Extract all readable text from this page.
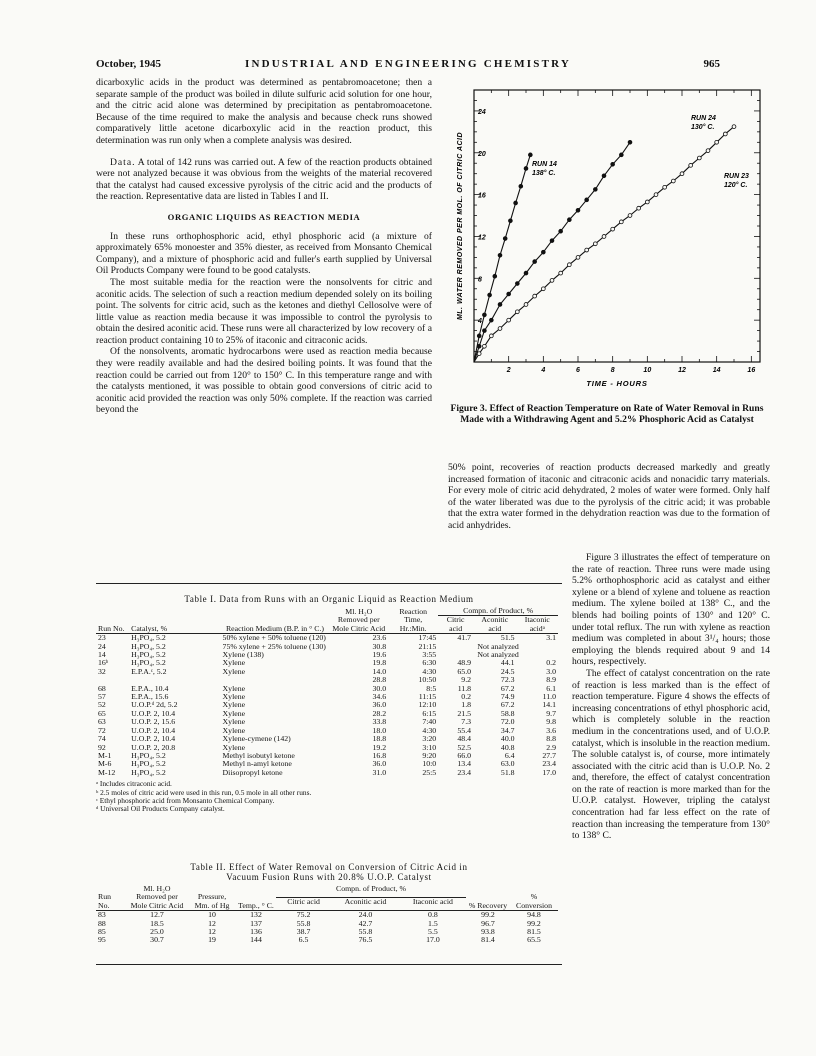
October, 1945	INDUSTRIAL AND ENGINEERING CHEMISTRY	965

dicarboxylic acids in the product was determined as pentabromoacetone; then a separate sample of the product was boiled in dilute sulfuric acid solution for one hour, and the citric acid alone was determined by precipitation as pentabromoacetone. Because of the time required to make the analysis and because check runs showed comparatively little acetone dicarboxylic acid in the reaction product, this determination was run only when a complete analysis was desired.

Data. A total of 142 runs was carried out. A few of the reaction products obtained were not analyzed because it was obvious from the weights of the material recovered that the catalyst had caused excessive pyrolysis of the citric acid and the products of the reaction. Representative data are listed in Tables I and II.

ORGANIC LIQUIDS AS REACTION MEDIA

In these runs orthophosphoric acid, ethyl phosphoric acid (a mixture of approximately 65% monoester and 35% diester, as received from Monsanto Chemical Company), and a mixture of phosphoric acid and fuller's earth supplied by Universal Oil Products Company were found to be good catalysts.

The most suitable media for the reaction were the nonsolvents for citric and aconitic acids. The selection of such a reaction medium depended solely on its boiling point. The solvents for citric acid, such as the ketones and diethyl Cellosolve were of little value as reaction media because it was impossible to control the pyrolysis to obtain the desired aconitic acid. These runs were all characterized by low recovery of a reaction product containing 10 to 25% of itaconic and citraconic acids.

Of the nonsolvents, aromatic hydrocarbons were used as reaction media because they were readily available and had the desired boiling points. It was found that the reaction could be carried out from 120° to 150° C. In this temperature range and with the catalysts mentioned, it was possible to obtain good conversions of citric acid to aconitic acid provided the reaction was only 50% complete. If the reaction was carried beyond the

2	4	6	8	10	12	14	16
4
8
12
16
20
24
ML. WATER REMOVED PER MOL. OF CITRIC ACID
TIME - HOURS
RUN 14
138° C.
RUN 24
130° C.
RUN 23
120° C.
Figure 3. Effect of Reaction Temperature on Rate of Water Removal in Runs Made with a Withdrawing Agent and 5.2% Phosphoric Acid as Catalyst

50% point, recoveries of reaction products decreased markedly and greatly increased formation of itaconic and citraconic acids and nonacidic tarry materials. For every mole of citric acid dehydrated, 2 moles of water were formed. Only half of the water liberated was due to the pyrolysis of the citric acid; it was probable that the extra water formed in the dehydration reaction was due to the formation of acid anhydrides.

Table I. Data from Runs with an Organic Liquid as Reaction Medium
Run No.	Catalyst, %	Reaction Medium (B.P. in ° C.)	Ml. H₂O Removed per Mole Citric Acid	Reaction Time, Hr.:Min.	Compn. of Product, %		
					Citric acid	Aconitic acid	Itaconic acidᵃ
23	H₃PO₄, 5.2	50% xylene + 50% toluene (120)	23.6	17:45	41.7	51.5	3.1
24	H₃PO₄, 5.2	75% xylene + 25% toluene (130)	30.8	21:15	Not analyzed		
14	H₃PO₄, 5.2	Xylene (138)	19.6	3:55	Not analyzed		
16ᵇ	H₃PO₄, 5.2	Xylene	19.8	6:30	48.9	44.1	0.2
32	E.P.A.ᶜ, 5.2	Xylene	14.0	4:30	65.0	24.5	3.0
			28.8	10:50	9.2	72.3	8.9
68	E.P.A., 10.4	Xylene	30.0	8:5	11.8	67.2	6.1
57	E.P.A., 15.6	Xylene	34.6	11:15	0.2	74.9	11.0
52	U.O.P.ᵈ 2d, 5.2	Xylene	36.0	12:10	1.8	67.2	14.1
65	U.O.P. 2, 10.4	Xylene	28.2	6:15	21.5	58.8	9.7
63	U.O.P. 2, 15.6	Xylene	33.8	7:40	7.3	72.0	9.8
72	U.O.P. 2, 10.4	Xylene	18.0	4:30	55.4	34.7	3.6
74	U.O.P. 2, 10.4	Xylene-cymene (142)	18.8	3:20	48.4	40.0	8.8
92	U.O.P. 2, 20.8	Xylene	19.2	3:10	52.5	40.8	2.9
M-1	H₃PO₄, 5.2	Methyl isobutyl ketone	16.8	9:20	66.0	6.4	27.7
M-6	H₃PO₄, 5.2	Methyl n-amyl ketone	36.0	10:0	13.4	63.0	23.4
M-12	H₃PO₄, 5.2	Diisopropyl ketone	31.0	25:5	23.4	51.8	17.0
ᵃ Includes citraconic acid.
ᵇ 2.5 moles of citric acid were used in this run, 0.5 mole in all other runs.
ᶜ Ethyl phosphoric acid from Monsanto Chemical Company.
ᵈ Universal Oil Products Company catalyst.
Table II. Effect of Water Removal on Conversion of Citric Acid in
Vacuum Fusion Runs with 20.8% U.O.P. Catalyst
Run No.	Ml. H₂O Removed per Mole Citric Acid	Pressure, Mm. of Hg	Temp., ° C.	Compn. of Product, %			% Recovery	% Conversion
				Citric acid	Aconitic acid	Itaconic acid		
83	12.7	10	132	75.2	24.0	0.8	99.2	94.8
88	18.5	12	137	55.8	42.7	1.5	96.7	99.2
85	25.0	12	136	38.7	55.8	5.5	93.8	81.5
95	30.7	19	144	6.5	76.5	17.0	81.4	65.5

Figure 3 illustrates the effect of temperature on the rate of reaction. Three runs were made using 5.2% orthophosphoric acid as catalyst and either xylene or a blend of xylene and toluene as reaction medium. The xylene boiled at 138° C., and the blends had boiling points of 130° and 120° C. under total reflux. The run with xylene as reaction medium was completed in about 3¹/₄ hours; those employing the blends required about 9 and 14 hours, respectively.

The effect of catalyst concentration on the rate of reaction is less marked than is the effect of reaction temperature. Figure 4 shows the effects of increasing concentrations of ethyl phosphoric acid, which is completely soluble in the reaction medium in the concentrations used, and of U.O.P. catalyst, which is insoluble in the reaction medium. The soluble catalyst is, of course, more intimately associated with the citric acid than is U.O.P. No. 2 and, therefore, the effect of catalyst concentration on the rate of reaction is more marked than for the U.O.P. catalyst. However, tripling the catalyst concentration had far less effect on the rate of reaction than increasing the temperature from 130° to 138° C.
